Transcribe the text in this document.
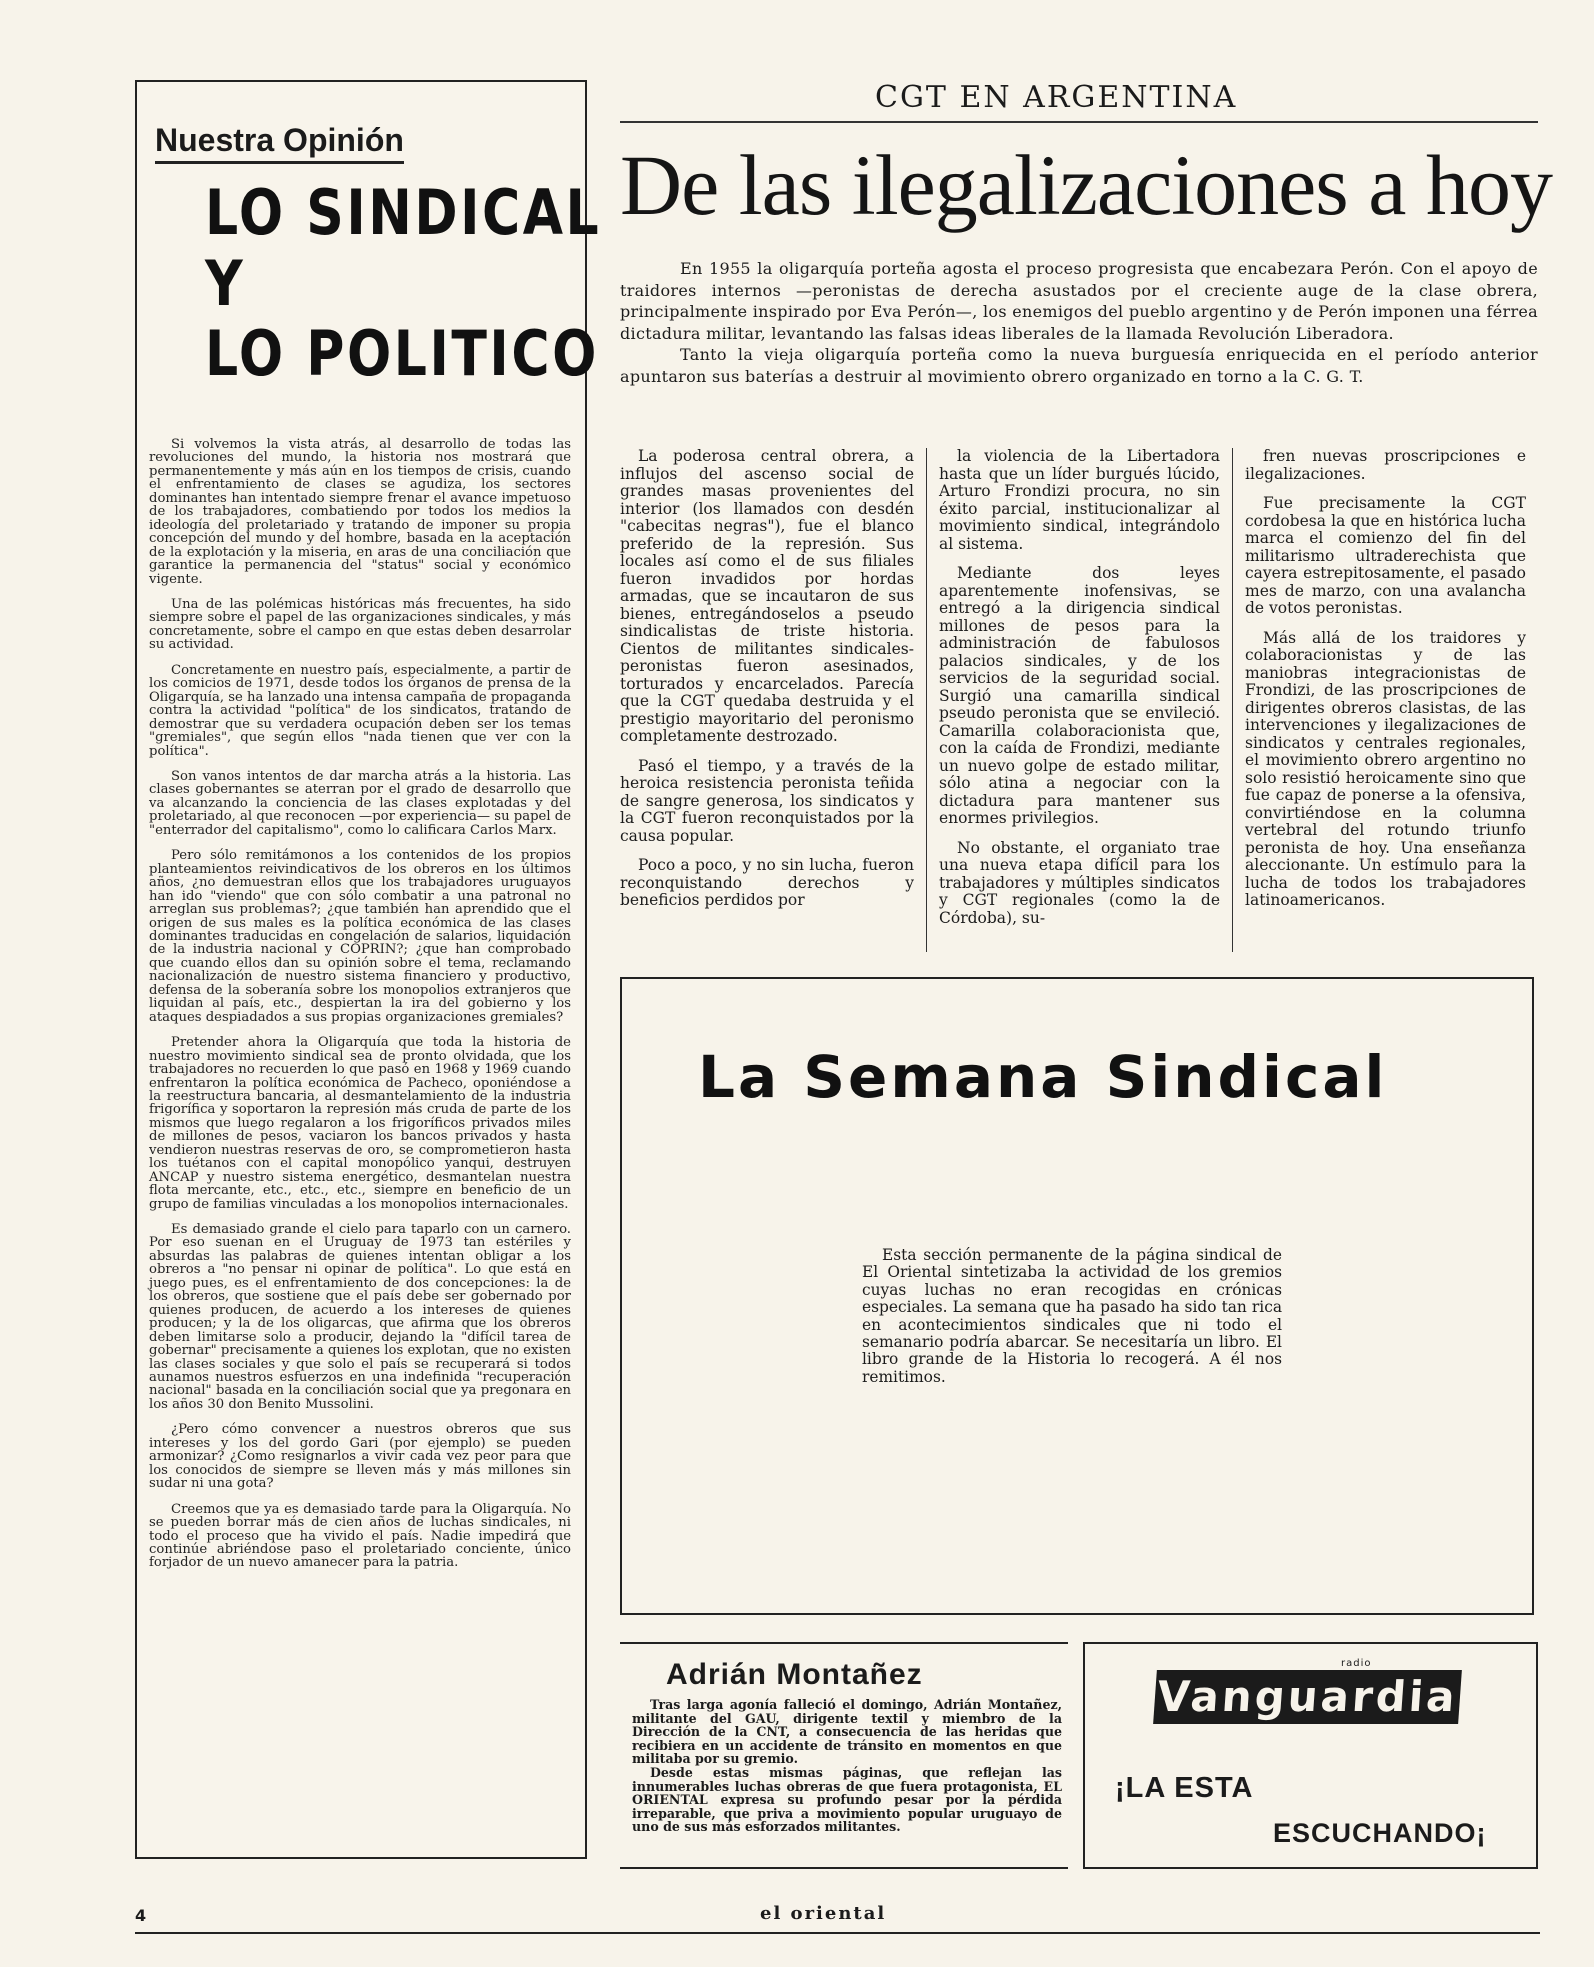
Nuestra Opinión
LO SINDICAL
Y
LO POLITICO

Si volvemos la vista atrás, al desarrollo de todas las revoluciones del mundo, la historia nos mostrará que permanentemente y más aún en los tiempos de crisis, cuando el enfrentamiento de clases se agudiza, los sectores dominantes han intentado siempre frenar el avance impetuoso de los trabajadores, combatiendo por todos los medios la ideología del proletariado y tratando de imponer su propia concepción del mundo y del hombre, basada en la aceptación de la explotación y la miseria, en aras de una conciliación que garantice la permanencia del "status" social y económico vigente.

Una de las polémicas históricas más frecuentes, ha sido siempre sobre el papel de las organizaciones sindicales, y más concretamente, sobre el campo en que estas deben desarrolar su actividad.

Concretamente en nuestro país, especialmente, a partir de los comicios de 1971, desde todos los órganos de prensa de la Oligarquía, se ha lanzado una intensa campaña de propaganda contra la actividad "política" de los sindicatos, tratando de demostrar que su verdadera ocupación deben ser los temas "gremiales", que según ellos "nada tienen que ver con la política".

Son vanos intentos de dar marcha atrás a la historia. Las clases gobernantes se aterran por el grado de desarrollo que va alcanzando la conciencia de las clases explotadas y del proletariado, al que reconocen —por experiencia— su papel de "enterrador del capitalismo", como lo calificara Carlos Marx.

Pero sólo remitámonos a los contenidos de los propios planteamientos reivindicativos de los obreros en los últimos años, ¿no demuestran ellos que los trabajadores uruguayos han ido "viendo" que con sólo combatir a una patronal no arreglan sus problemas?; ¿que también han aprendido que el origen de sus males es la política económica de las clases dominantes traducidas en congelación de salarios, liquidación de la industria nacional y COPRIN?; ¿que han comprobado que cuando ellos dan su opinión sobre el tema, reclamando nacionalización de nuestro sistema financiero y productivo, defensa de la soberanía sobre los monopolios extranjeros que liquidan al país, etc., despiertan la ira del gobierno y los ataques despiadados a sus propias organizaciones gremiales?

Pretender ahora la Oligarquía que toda la historia de nuestro movimiento sindical sea de pronto olvidada, que los trabajadores no recuerden lo que pasó en 1968 y 1969 cuando enfrentaron la política económica de Pacheco, oponiéndose a la reestructura bancaria, al desmantelamiento de la industria frigorífica y soportaron la represión más cruda de parte de los mismos que luego regalaron a los frigoríficos privados miles de millones de pesos, vaciaron los bancos privados y hasta vendieron nuestras reservas de oro, se comprometieron hasta los tuétanos con el capital monopólico yanqui, destruyen ANCAP y nuestro sistema energético, desmantelan nuestra flota mercante, etc., etc., etc., siempre en beneficio de un grupo de familias vinculadas a los monopolios internacionales.

Es demasiado grande el cielo para taparlo con un carnero. Por eso suenan en el Uruguay de 1973 tan estériles y absurdas las palabras de quienes intentan obligar a los obreros a "no pensar ni opinar de política". Lo que está en juego pues, es el enfrentamiento de dos concepciones: la de los obreros, que sostiene que el país debe ser gobernado por quienes producen, de acuerdo a los intereses de quienes producen; y la de los oligarcas, que afirma que los obreros deben limitarse solo a producir, dejando la "difícil tarea de gobernar" precisamente a quienes los explotan, que no existen las clases sociales y que solo el país se recuperará si todos aunamos nuestros esfuerzos en una indefinida "recuperación nacional" basada en la conciliación social que ya pregonara en los años 30 don Benito Mussolini.

¿Pero cómo convencer a nuestros obreros que sus intereses y los del gordo Gari (por ejemplo) se pueden armonizar? ¿Como resignarlos a vivir cada vez peor para que los conocidos de siempre se lleven más y más millones sin sudar ni una gota?

Creemos que ya es demasiado tarde para la Oligarquía. No se pueden borrar más de cien años de luchas sindicales, ni todo el proceso que ha vivido el país. Nadie impedirá que continúe abriéndose paso el proletariado conciente, único forjador de un nuevo amanecer para la patria.

CGT EN ARGENTINA
De las ilegalizaciones a hoy

En 1955 la oligarquía porteña agosta el proceso progresista que encabezara Perón. Con el apoyo de traidores internos —peronistas de derecha asustados por el creciente auge de la clase obrera, principalmente inspirado por Eva Perón—, los enemigos del pueblo argentino y de Perón imponen una férrea dictadura militar, levantando las falsas ideas liberales de la llamada Revolución Liberadora.

Tanto la vieja oligarquía porteña como la nueva burguesía enriquecida en el período anterior apuntaron sus baterías a destruir al movimiento obrero organizado en torno a la C. G. T.

La poderosa central obrera, a influjos del ascenso social de grandes masas provenientes del interior (los llamados con desdén "cabecitas negras"), fue el blanco preferido de la represión. Sus locales así como el de sus filiales fueron invadidos por hordas armadas, que se incautaron de sus bienes, entregándoselos a pseudo sindicalistas de triste historia. Cientos de militantes sindicales-peronistas fueron asesinados, torturados y encarcelados. Parecía que la CGT quedaba destruida y el prestigio mayoritario del peronismo completamente destrozado.

Pasó el tiempo, y a través de la heroica resistencia peronista teñida de sangre generosa, los sindicatos y la CGT fueron reconquistados por la causa popular.

Poco a poco, y no sin lucha, fueron reconquistando derechos y beneficios perdidos por

la violencia de la Libertadora hasta que un líder burgués lúcido, Arturo Frondizi procura, no sin éxito parcial, institucionalizar al movimiento sindical, integrándolo al sistema.

Mediante dos leyes aparentemente inofensivas, se entregó a la dirigencia sindical millones de pesos para la administración de fabulosos palacios sindicales, y de los servicios de la seguridad social. Surgió una camarilla sindical pseudo peronista que se envileció. Camarilla colaboracionista que, con la caída de Frondizi, mediante un nuevo golpe de estado militar, sólo atina a negociar con la dictadura para mantener sus enormes privilegios.

No obstante, el organiato trae una nueva etapa difícil para los trabajadores y múltiples sindicatos y CGT regionales (como la de Córdoba), su-

fren nuevas proscripciones e ilegalizaciones.

Fue precisamente la CGT cordobesa la que en histórica lucha marca el comienzo del fin del militarismo ultraderechista que cayera estrepitosamente, el pasado mes de marzo, con una avalancha de votos peronistas.

Más allá de los traidores y colaboracionistas y de las maniobras integracionistas de Frondizi, de las proscripciones de dirigentes obreros clasistas, de las intervenciones y ilegalizaciones de sindicatos y centrales regionales, el movimiento obrero argentino no solo resistió heroicamente sino que fue capaz de ponerse a la ofensiva, convirtiéndose en la columna vertebral del rotundo triunfo peronista de hoy. Una enseñanza aleccionante. Un estímulo para la lucha de todos los trabajadores latinoamericanos.

La Semana Sindical
Esta sección permanente de la página sindical de El Oriental sintetizaba la actividad de los gremios cuyas luchas no eran recogidas en crónicas especiales. La semana que ha pasado ha sido tan rica en acontecimientos sindicales que ni todo el semanario podría abarcar. Se necesitaría un libro. El libro grande de la Historia lo recogerá. A él nos remitimos.
Adrián Montañez

Tras larga agonía falleció el domingo, Adrián Montañez, militante del GAU, dirigente textil y miembro de la Dirección de la CNT, a consecuencia de las heridas que recibiera en un accidente de tránsito en momentos en que militaba por su gremio.

Desde estas mismas páginas, que reflejan las innumerables luchas obreras de que fuera protagonista, EL ORIENTAL expresa su profundo pesar por la pérdida irreparable, que priva a movimiento popular uruguayo de uno de sus más esforzados militantes.

radio
Vanguardia
¡LA ESTA
ESCUCHANDO¡
4	el oriental
